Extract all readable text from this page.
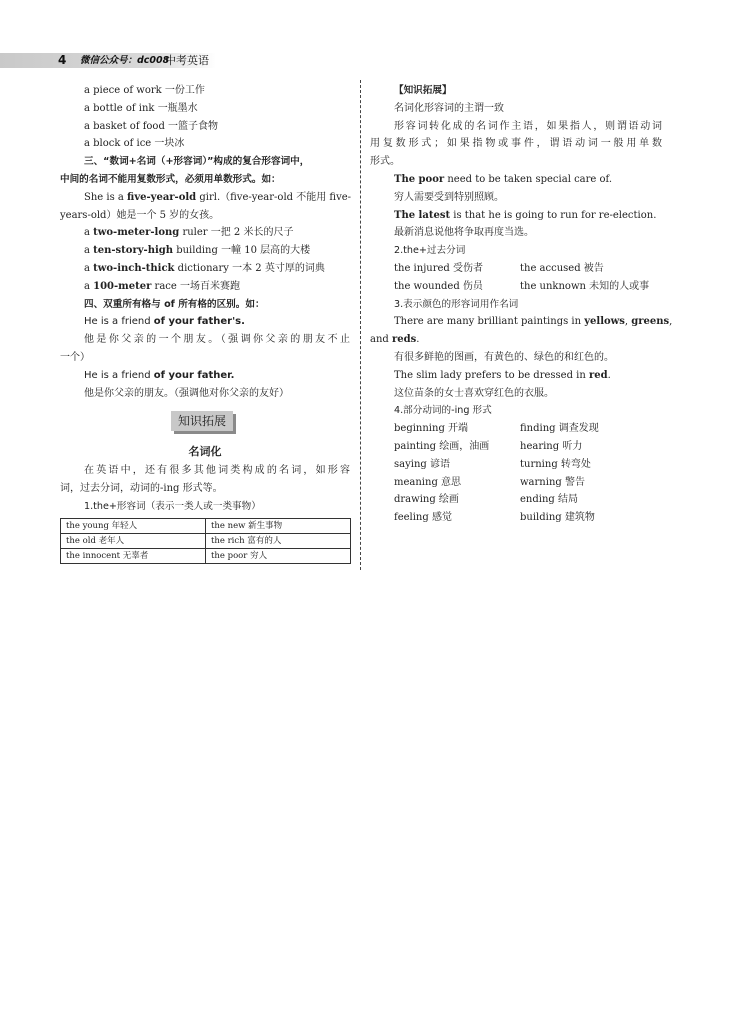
4 微信公众号：dc008
中考英语
a piece of work 一份工作
a bottle of ink 一瓶墨水
a basket of food 一篮子食物
a block of ice 一块冰
三、“数词+名词（+形容词）”构成的复合形容词中，
中间的名词不能用复数形式，必须用单数形式。如：
She is a five-year-old girl.（five-year-old 不能用 five-
years-old）她是一个 5 岁的女孩。
a two-meter-long ruler 一把 2 米长的尺子
a ten-story-high building 一幢 10 层高的大楼
a two-inch-thick dictionary 一本 2 英寸厚的词典
a 100-meter race 一场百米赛跑
四、双重所有格与 of 所有格的区别。如：
He is a friend of your father's.
他是你父亲的一个朋友。（强调你父亲的朋友不止
一个）
He is a friend of your father.
他是你父亲的朋友。（强调他对你父亲的友好）
知识拓展
名词化
在英语中，还有很多其他词类构成的名词，如形容
词，过去分词，动词的-ing 形式等。
1.the+形容词（表示一类人或一类事物）
the young 年轻人	the new 新生事物
the old 老年人	the rich 富有的人
the innocent 无辜者	the poor 穷人
【知识拓展】
名词化形容词的主谓一致
形容词转化成的名词作主语，如果指人，则谓语动词
用复数形式；如果指物或事件，谓语动词一般用单数
形式。
The poor need to be taken special care of.
穷人需要受到特别照顾。
The latest is that he is going to run for re-election.
最新消息说他将争取再度当选。
2.the+过去分词
the injured 受伤者	the accused 被告
the wounded 伤员	the unknown 未知的人或事
3.表示颜色的形容词用作名词
There are many brilliant paintings in yellows, greens,
and reds.
有很多鲜艳的图画，有黄色的、绿色的和红色的。
The slim lady prefers to be dressed in red.
这位苗条的女士喜欢穿红色的衣服。
4.部分动词的-ing 形式
beginning 开端	finding 调查发现
painting 绘画，油画	hearing 听力
saying 谚语	turning 转弯处
meaning 意思	warning 警告
drawing 绘画	ending 结局
feeling 感觉	building 建筑物
